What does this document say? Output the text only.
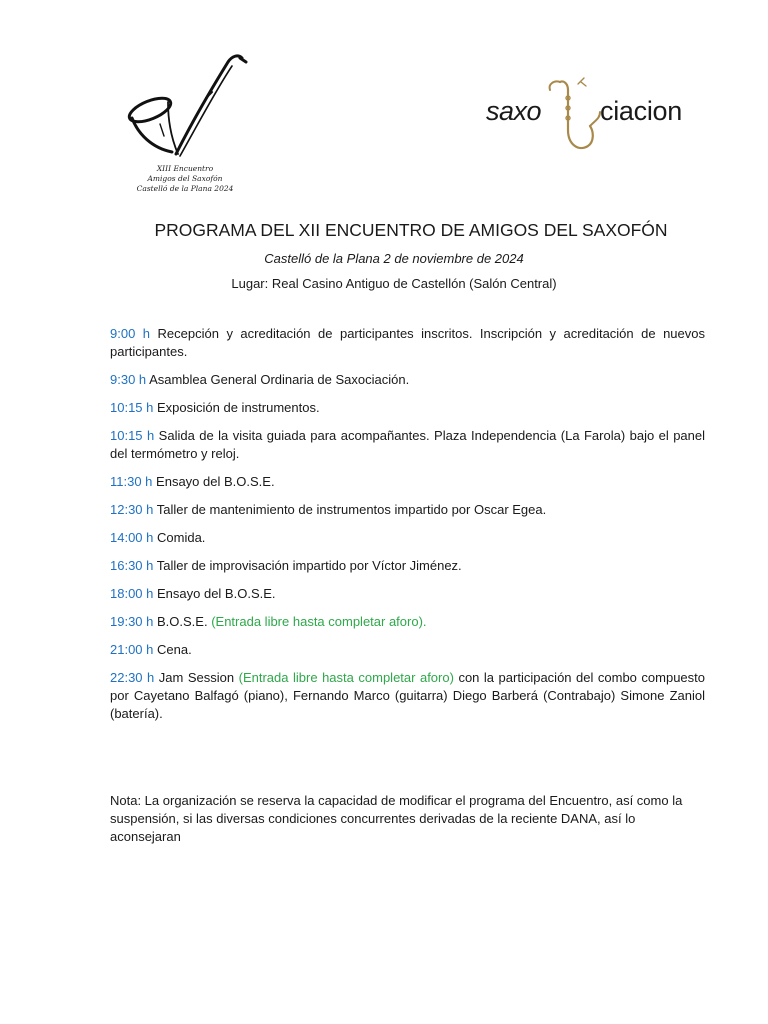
XIII Encuentro
Amigos del Saxofón
Castelló de la Plana 2024
saxo ciacion
PROGRAMA DEL XII ENCUENTRO DE AMIGOS DEL SAXOFÓN
Castelló de la Plana 2 de noviembre de 2024
Lugar: Real Casino Antiguo de Castellón (Salón Central)

9:00 h Recepción y acreditación de participantes inscritos. Inscripción y acreditación de nuevos participantes.

9:30 h Asamblea General Ordinaria de Saxociación.

10:15 h Exposición de instrumentos.

10:15 h Salida de la visita guiada para acompañantes. Plaza Independencia (La Farola) bajo el panel del termómetro y reloj.

11:30 h Ensayo del B.O.S.E.

12:30 h Taller de mantenimiento de instrumentos impartido por Oscar Egea.

14:00 h Comida.

16:30 h Taller de improvisación impartido por Víctor Jiménez.

18:00 h Ensayo del B.O.S.E.

19:30 h B.O.S.E. (Entrada libre hasta completar aforo).

21:00 h Cena.

22:30 h Jam Session (Entrada libre hasta completar aforo) con la participación del combo compuesto por Cayetano Balfagó (piano), Fernando Marco (guitarra) Diego Barberá (Contrabajo) Simone Zaniol (batería).

Nota: La organización se reserva la capacidad de modificar el programa del Encuentro, así como la suspensión, si las diversas condiciones concurrentes derivadas de la reciente DANA, así lo aconsejaran
